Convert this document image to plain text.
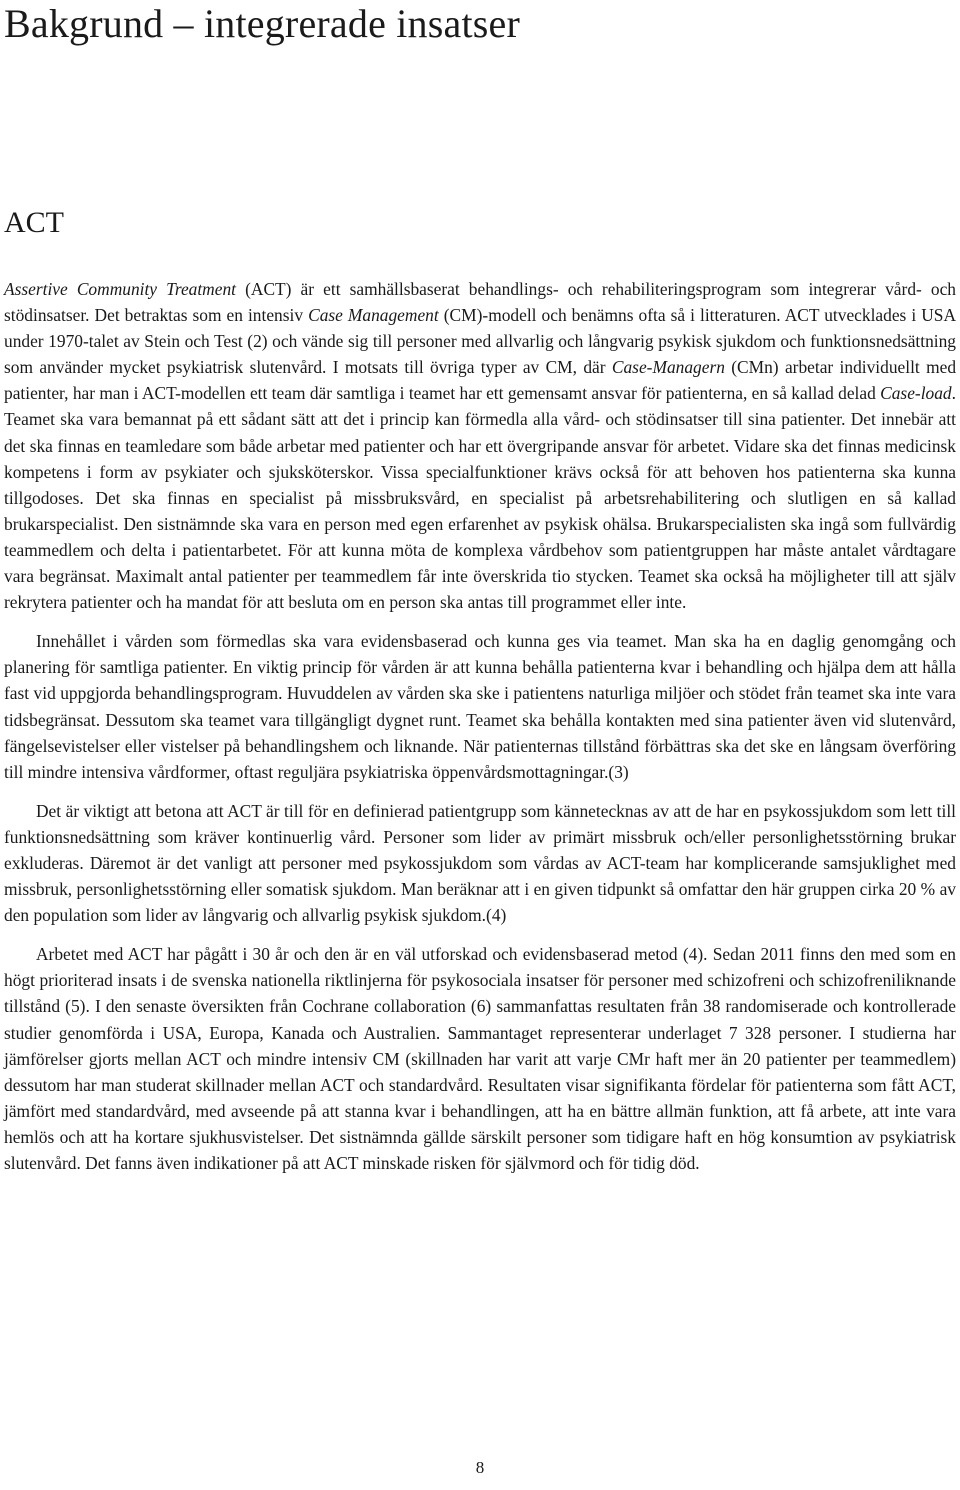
Bakgrund – integrerade insatser
ACT

Assertive Community Treatment (ACT) är ett samhällsbaserat behandlings- och rehabiliteringsprogram som integrerar vård- och stödinsatser. Det betraktas som en intensiv Case Management (CM)-modell och benämns ofta så i litteraturen. ACT utvecklades i USA under 1970-talet av Stein och Test (2) och vände sig till personer med allvarlig och långvarig psykisk sjukdom och funktionsnedsättning som använder mycket psykiatrisk slutenvård. I motsats till övriga typer av CM, där Case-Managern (CMn) arbetar individuellt med patienter, har man i ACT-modellen ett team där samtliga i teamet har ett gemensamt ansvar för patienterna, en så kallad delad Case-load. Teamet ska vara bemannat på ett sådant sätt att det i princip kan förmedla alla vård- och stödinsatser till sina patienter. Det innebär att det ska finnas en teamledare som både arbetar med patienter och har ett övergripande ansvar för arbetet. Vidare ska det finnas medicinsk kompetens i form av psykiater och sjuksköterskor. Vissa specialfunktioner krävs också för att behoven hos patienterna ska kunna tillgodoses. Det ska finnas en specialist på missbruksvård, en specialist på arbetsrehabilitering och slutligen en så kallad brukarspecialist. Den sistnämnde ska vara en person med egen erfarenhet av psykisk ohälsa. Brukarspecialisten ska ingå som fullvärdig teammedlem och delta i patientarbetet. För att kunna möta de komplexa vårdbehov som patientgruppen har måste antalet vårdtagare vara begränsat. Maximalt antal patienter per teammedlem får inte överskrida tio stycken. Teamet ska också ha möjligheter till att själv rekrytera patienter och ha mandat för att besluta om en person ska antas till programmet eller inte.

Innehållet i vården som förmedlas ska vara evidensbaserad och kunna ges via teamet. Man ska ha en daglig genomgång och planering för samtliga patienter. En viktig princip för vården är att kunna behålla patienterna kvar i behandling och hjälpa dem att hålla fast vid uppgjorda behandlingsprogram. Huvuddelen av vården ska ske i patientens naturliga miljöer och stödet från teamet ska inte vara tidsbegränsat. Dessutom ska teamet vara tillgängligt dygnet runt. Teamet ska behålla kontakten med sina patienter även vid slutenvård, fängelsevistelser eller vistelser på behandlingshem och liknande. När patienternas tillstånd förbättras ska det ske en långsam överföring till mindre intensiva vårdformer, oftast reguljära psykiatriska öppenvårdsmottagningar.(3)

Det är viktigt att betona att ACT är till för en definierad patientgrupp som kännetecknas av att de har en psykossjukdom som lett till funktionsnedsättning som kräver kontinuerlig vård. Personer som lider av primärt missbruk och/eller personlighetsstörning brukar exkluderas. Däremot är det vanligt att personer med psykossjukdom som vårdas av ACT-team har komplicerande samsjuklighet med missbruk, personlighetsstörning eller somatisk sjukdom. Man beräknar att i en given tidpunkt så omfattar den här gruppen cirka 20 % av den population som lider av långvarig och allvarlig psykisk sjukdom.(4)

Arbetet med ACT har pågått i 30 år och den är en väl utforskad och evidensbaserad metod (4). Sedan 2011 finns den med som en högt prioriterad insats i de svenska nationella riktlinjerna för psykosociala insatser för personer med schizofreni och schizofreniliknande tillstånd (5). I den senaste översikten från Cochrane collaboration (6) sammanfattas resultaten från 38 randomiserade och kontrollerade studier genomförda i USA, Europa, Kanada och Australien. Sammantaget representerar underlaget 7 328 personer. I studierna har jämförelser gjorts mellan ACT och mindre intensiv CM (skillnaden har varit att varje CMr haft mer än 20 patienter per teammedlem) dessutom har man studerat skillnader mellan ACT och standardvård. Resultaten visar signifikanta fördelar för patienterna som fått ACT, jämfört med standardvård, med avseende på att stanna kvar i behandlingen, att ha en bättre allmän funktion, att få arbete, att inte vara hemlös och att ha kortare sjukhusvistelser. Det sistnämnda gällde särskilt personer som tidigare haft en hög konsumtion av psykiatrisk slutenvård. Det fanns även indikationer på att ACT minskade risken för självmord och för tidig död.

8
